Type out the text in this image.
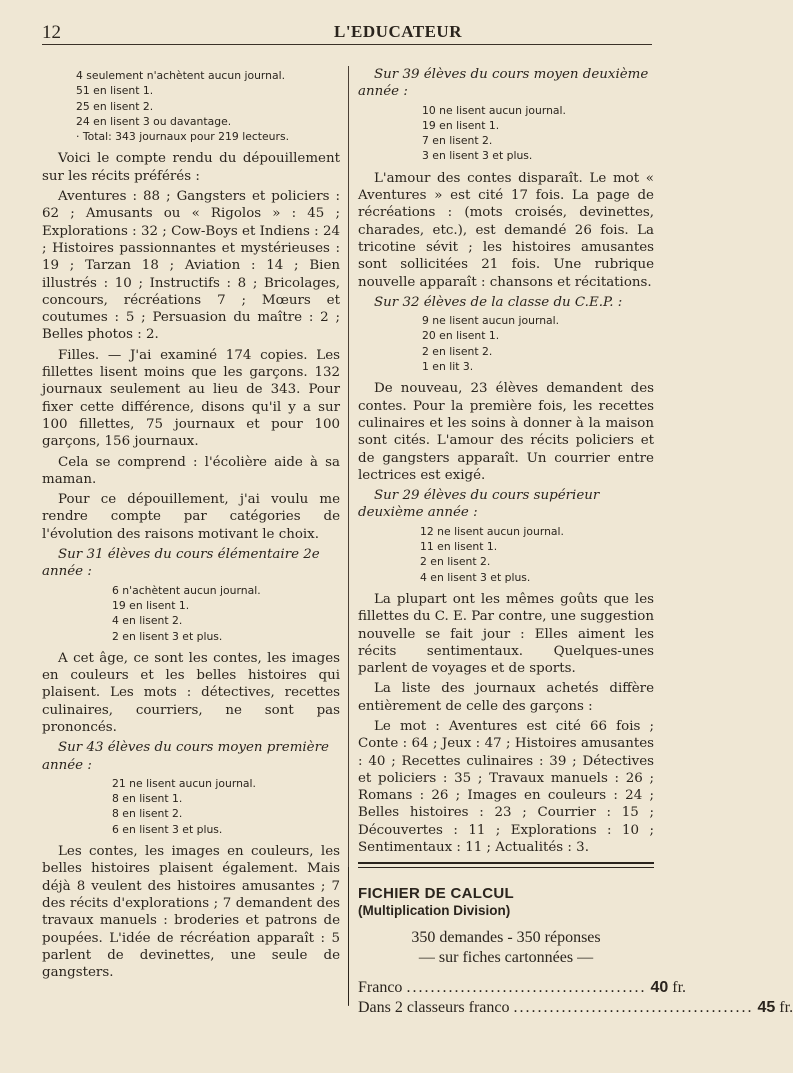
12	L'EDUCATEUR
4 seulement n'achètent aucun journal.
51 en lisent 1.
25 en lisent 2.
24 en lisent 3 ou davantage.
· Total: 343 journaux pour 219 lecteurs.

Voici le compte rendu du dépouillement sur les récits préférés :

Aventures : 88 ; Gangsters et policiers : 62 ; Amusants ou « Rigolos » : 45 ; Explorations : 32 ; Cow-Boys et Indiens : 24 ; Histoires passionnantes et mystérieuses : 19 ; Tarzan 18 ; Aviation : 14 ; Bien illustrés : 10 ; Instructifs : 8 ; Bricolages, concours, récréations 7 ; Mœurs et coutumes : 5 ; Persuasion du maître : 2 ; Belles photos : 2.

Filles. — J'ai examiné 174 copies. Les fillettes lisent moins que les garçons. 132 journaux seulement au lieu de 343. Pour fixer cette différence, disons qu'il y a sur 100 fillettes, 75 journaux et pour 100 garçons, 156 journaux.

Cela se comprend : l'écolière aide à sa maman.

Pour ce dépouillement, j'ai voulu me rendre compte par catégories de l'évolution des raisons motivant le choix.

Sur 31 élèves du cours élémentaire 2e année :
6 n'achètent aucun journal.
19 en lisent 1.
4 en lisent 2.
2 en lisent 3 et plus.

A cet âge, ce sont les contes, les images en couleurs et les belles histoires qui plaisent. Les mots : détectives, recettes culinaires, courriers, ne sont pas prononcés.

Sur 43 élèves du cours moyen première année :
21 ne lisent aucun journal.
8 en lisent 1.
8 en lisent 2.
6 en lisent 3 et plus.

Les contes, les images en couleurs, les belles histoires plaisent également. Mais déjà 8 veulent des histoires amusantes ; 7 des récits d'explorations ; 7 demandent des travaux manuels : broderies et patrons de poupées. L'idée de récréation apparaît : 5 parlent de devinettes, une seule de gangsters.

Sur 39 élèves du cours moyen deuxième année :
10 ne lisent aucun journal.
19 en lisent 1.
7 en lisent 2.
3 en lisent 3 et plus.

L'amour des contes disparaît. Le mot « Aventures » est cité 17 fois. La page de récréations : (mots croisés, devinettes, charades, etc.), est demandé 26 fois. La tricotine sévit ; les histoires amusantes sont sollicitées 21 fois. Une rubrique nouvelle apparaît : chansons et récitations.

Sur 32 élèves de la classe du C.E.P. :
9 ne lisent aucun journal.
20 en lisent 1.
2 en lisent 2.
1 en lit 3.

De nouveau, 23 élèves demandent des contes. Pour la première fois, les recettes culinaires et les soins à donner à la maison sont cités. L'amour des récits policiers et de gangsters apparaît. Un courrier entre lectrices est exigé.

Sur 29 élèves du cours supérieur deuxième année :
12 ne lisent aucun journal.
11 en lisent 1.
2 en lisent 2.
4 en lisent 3 et plus.

La plupart ont les mêmes goûts que les fillettes du C. E. Par contre, une suggestion nouvelle se fait jour : Elles aiment les récits sentimentaux. Quelques-unes parlent de voyages et de sports.

La liste des journaux achetés diffère entièrement de celle des garçons :

Le mot : Aventures est cité 66 fois ; Conte : 64 ; Jeux : 47 ; Histoires amusantes : 40 ; Recettes culinaires : 39 ; Détectives et policiers : 35 ; Travaux manuels : 26 ; Romans : 26 ; Images en couleurs : 24 ; Belles histoires : 23 ; Courrier : 15 ; Découvertes : 11 ; Explorations : 10 ; Sentimentaux : 11 ; Actualités : 3.

FICHIER DE CALCUL
(Multiplication Division)
350 demandes - 350 réponses
— sur fiches cartonnées —
Franco ........................................ 40 fr.
Dans 2 classeurs franco ........................................ 45 fr.
